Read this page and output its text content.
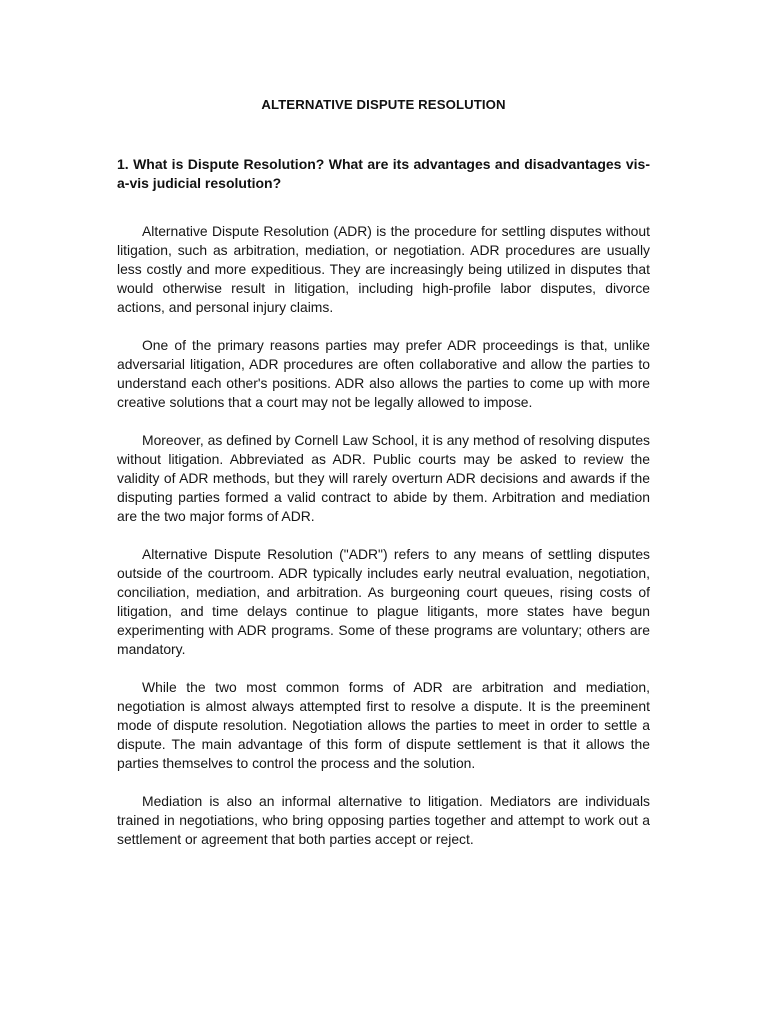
ALTERNATIVE DISPUTE RESOLUTION

1. What is Dispute Resolution? What are its advantages and disadvantages vis-a-vis judicial resolution?

Alternative Dispute Resolution (ADR) is the procedure for settling disputes without litigation, such as arbitration, mediation, or negotiation. ADR procedures are usually less costly and more expeditious. They are increasingly being utilized in disputes that would otherwise result in litigation, including high-profile labor disputes, divorce actions, and personal injury claims.

One of the primary reasons parties may prefer ADR proceedings is that, unlike adversarial litigation, ADR procedures are often collaborative and allow the parties to understand each other's positions. ADR also allows the parties to come up with more creative solutions that a court may not be legally allowed to impose.

Moreover, as defined by Cornell Law School, it is any method of resolving disputes without litigation. Abbreviated as ADR. Public courts may be asked to review the validity of ADR methods, but they will rarely overturn ADR decisions and awards if the disputing parties formed a valid contract to abide by them. Arbitration and mediation are the two major forms of ADR.

Alternative Dispute Resolution ("ADR") refers to any means of settling disputes outside of the courtroom. ADR typically includes early neutral evaluation, negotiation, conciliation, mediation, and arbitration. As burgeoning court queues, rising costs of litigation, and time delays continue to plague litigants, more states have begun experimenting with ADR programs. Some of these programs are voluntary; others are mandatory.

While the two most common forms of ADR are arbitration and mediation, negotiation is almost always attempted first to resolve a dispute. It is the preeminent mode of dispute resolution. Negotiation allows the parties to meet in order to settle a dispute. The main advantage of this form of dispute settlement is that it allows the parties themselves to control the process and the solution.

Mediation is also an informal alternative to litigation. Mediators are individuals trained in negotiations, who bring opposing parties together and attempt to work out a settlement or agreement that both parties accept or reject.
